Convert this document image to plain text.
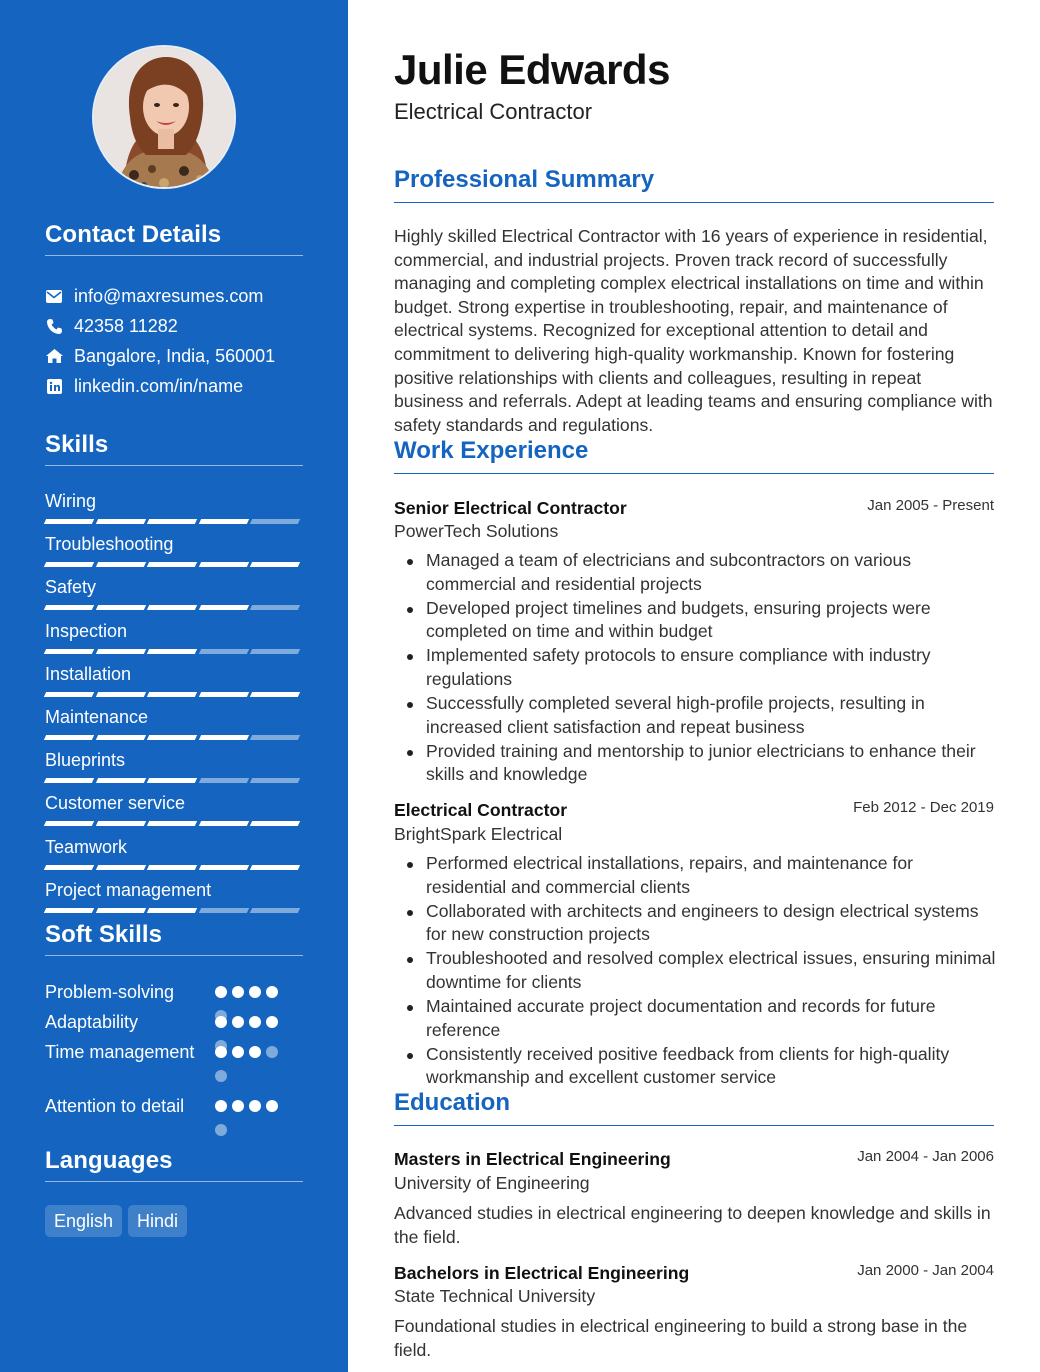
Contact Details
info@maxresumes.com
42358 11282
Bangalore, India, 560001
linkedin.com/in/name
Skills
Wiring
Troubleshooting
Safety
Inspection
Installation
Maintenance
Blueprints
Customer service
Teamwork
Project management
Soft Skills
Problem-solving
Adaptability
Time management
Attention to detail
Languages
English	Hindi
Julie Edwards
Electrical Contractor
Professional Summary
Highly skilled Electrical Contractor with 16 years of experience in residential, commercial, and industrial projects. Proven track record of successfully managing and completing complex electrical installations on time and within budget. Strong expertise in troubleshooting, repair, and maintenance of electrical systems. Recognized for exceptional attention to detail and commitment to delivering high-quality workmanship. Known for fostering positive relationships with clients and colleagues, resulting in repeat business and referrals. Adept at leading teams and ensuring compliance with safety standards and regulations.
Work Experience
Senior Electrical Contractor	Jan 2005 - Present
PowerTech Solutions
Managed a team of electricians and subcontractors on various commercial and residential projects
Developed project timelines and budgets, ensuring projects were completed on time and within budget
Implemented safety protocols to ensure compliance with industry regulations
Successfully completed several high-profile projects, resulting in increased client satisfaction and repeat business
Provided training and mentorship to junior electricians to enhance their skills and knowledge
Electrical Contractor	Feb 2012 - Dec 2019
BrightSpark Electrical
Performed electrical installations, repairs, and maintenance for residential and commercial clients
Collaborated with architects and engineers to design electrical systems for new construction projects
Troubleshooted and resolved complex electrical issues, ensuring minimal downtime for clients
Maintained accurate project documentation and records for future reference
Consistently received positive feedback from clients for high-quality workmanship and excellent customer service
Education
Masters in Electrical Engineering	Jan 2004 - Jan 2006
University of Engineering
Advanced studies in electrical engineering to deepen knowledge and skills in the field.
Bachelors in Electrical Engineering	Jan 2000 - Jan 2004
State Technical University
Foundational studies in electrical engineering to build a strong base in the field.
